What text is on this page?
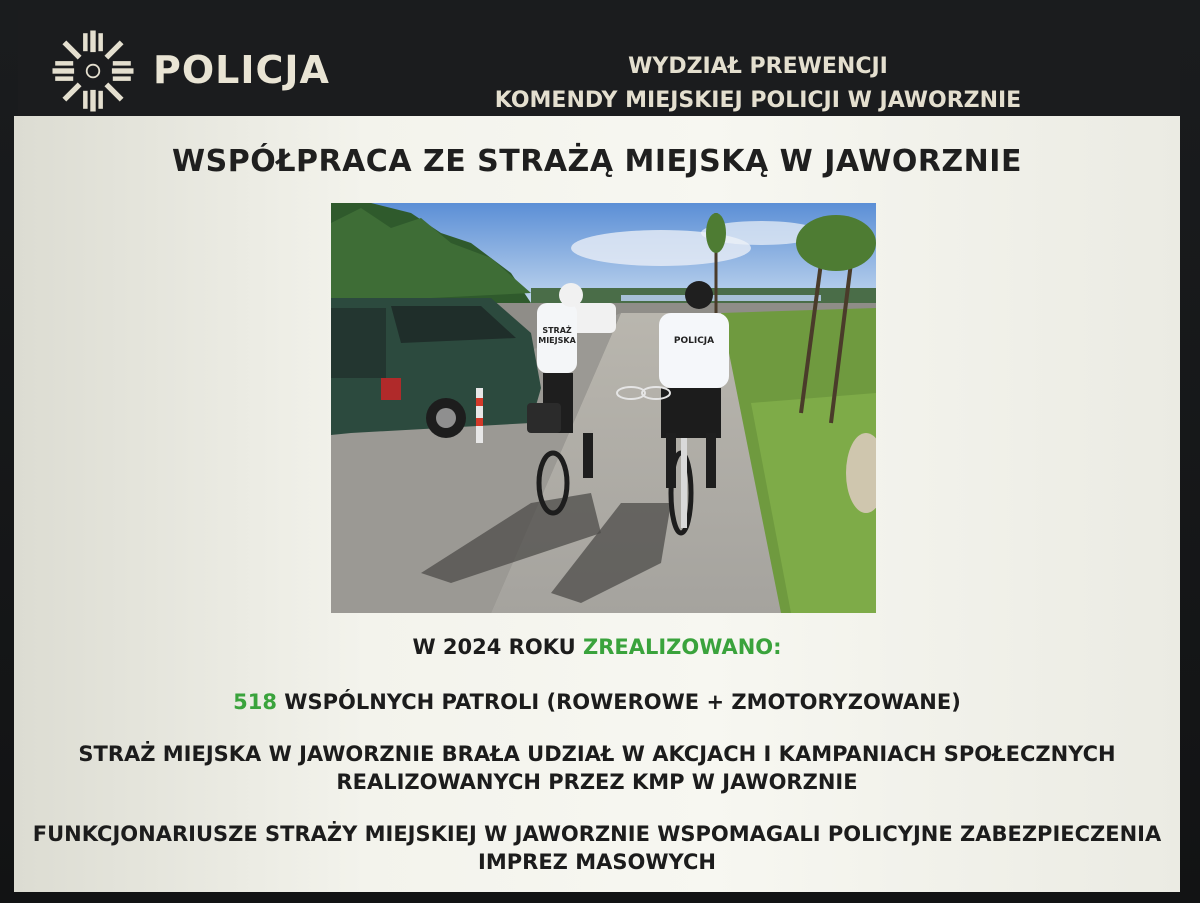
POLICJA	WYDZIAŁ PREWENCJI
KOMENDY MIEJSKIEJ POLICJI W JAWORZNIE
WSPÓŁPRACA ZE STRAŻĄ MIEJSKĄ W JAWORZNIE
STRAŻ
MIEJSKA	POLICJA
W 2024 ROKU ZREALIZOWANO:
518 WSPÓLNYCH PATROLI (ROWEROWE + ZMOTORYZOWANE)
STRAŻ MIEJSKA W JAWORZNIE BRAŁA UDZIAŁ W AKCJACH I KAMPANIACH SPOŁECZNYCH
REALIZOWANYCH PRZEZ KMP W JAWORZNIE
FUNKCJONARIUSZE STRAŻY MIEJSKIEJ W JAWORZNIE WSPOMAGALI POLICYJNE ZABEZPIECZENIA
IMPREZ MASOWYCH
